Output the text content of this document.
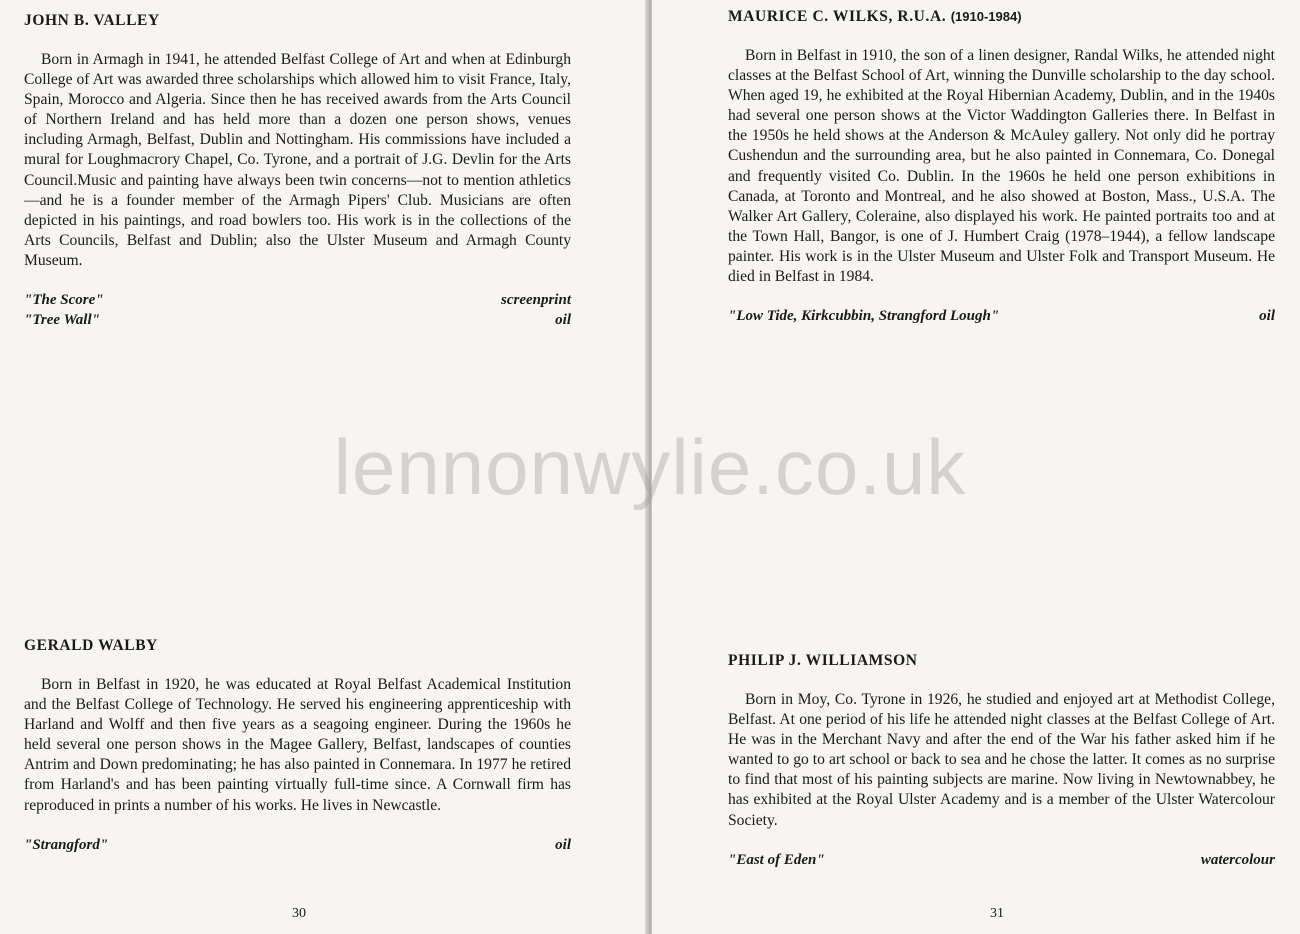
JOHN B. VALLEY

Born in Armagh in 1941, he attended Belfast College of Art and when at Edinburgh College of Art was awarded three scholarships which allowed him to visit France, Italy, Spain, Morocco and Algeria. Since then he has received awards from the Arts Council of Northern Ireland and has held more than a dozen one person shows, venues including Armagh, Belfast, Dublin and Nottingham. His commissions have included a mural for Loughmacrory Chapel, Co. Tyrone, and a portrait of J.G. Devlin for the Arts Council.Music and painting have always been twin concerns—not to mention athletics—and he is a founder member of the Armagh Pipers' Club. Musicians are often depicted in his paintings, and road bowlers too. His work is in the collections of the Arts Councils, Belfast and Dublin; also the Ulster Museum and Armagh County Museum.

"The Score"	screenprint
"Tree Wall"	oil
GERALD WALBY

Born in Belfast in 1920, he was educated at Royal Belfast Academical Institution and the Belfast College of Technology. He served his engineering apprenticeship with Harland and Wolff and then five years as a seagoing engineer. During the 1960s he held several one person shows in the Magee Gallery, Belfast, landscapes of counties Antrim and Down predominating; he has also painted in Connemara. In 1977 he retired from Harland's and has been painting virtually full-time since. A Cornwall firm has reproduced in prints a number of his works. He lives in Newcastle.

"Strangford"	oil
30
MAURICE C. WILKS, R.U.A. (1910-1984)

Born in Belfast in 1910, the son of a linen designer, Randal Wilks, he attended night classes at the Belfast School of Art, winning the Dunville scholarship to the day school. When aged 19, he exhibited at the Royal Hibernian Academy, Dublin, and in the 1940s had several one person shows at the Victor Waddington Galleries there. In Belfast in the 1950s he held shows at the Anderson & McAuley gallery. Not only did he portray Cushendun and the surrounding area, but he also painted in Connemara, Co. Donegal and frequently visited Co. Dublin. In the 1960s he held one person exhibitions in Canada, at Toronto and Montreal, and he also showed at Boston, Mass., U.S.A. The Walker Art Gallery, Coleraine, also displayed his work. He painted portraits too and at the Town Hall, Bangor, is one of J. Humbert Craig (1978–1944), a fellow landscape painter. His work is in the Ulster Museum and Ulster Folk and Transport Museum. He died in Belfast in 1984.

"Low Tide, Kirkcubbin, Strangford Lough"	oil
PHILIP J. WILLIAMSON

Born in Moy, Co. Tyrone in 1926, he studied and enjoyed art at Methodist College, Belfast. At one period of his life he attended night classes at the Belfast College of Art. He was in the Merchant Navy and after the end of the War his father asked him if he wanted to go to art school or back to sea and he chose the latter. It comes as no surprise to find that most of his painting subjects are marine. Now living in Newtownabbey, he has exhibited at the Royal Ulster Academy and is a member of the Ulster Watercolour Society.

"East of Eden"	watercolour
31
lennonwylie.co.uk
